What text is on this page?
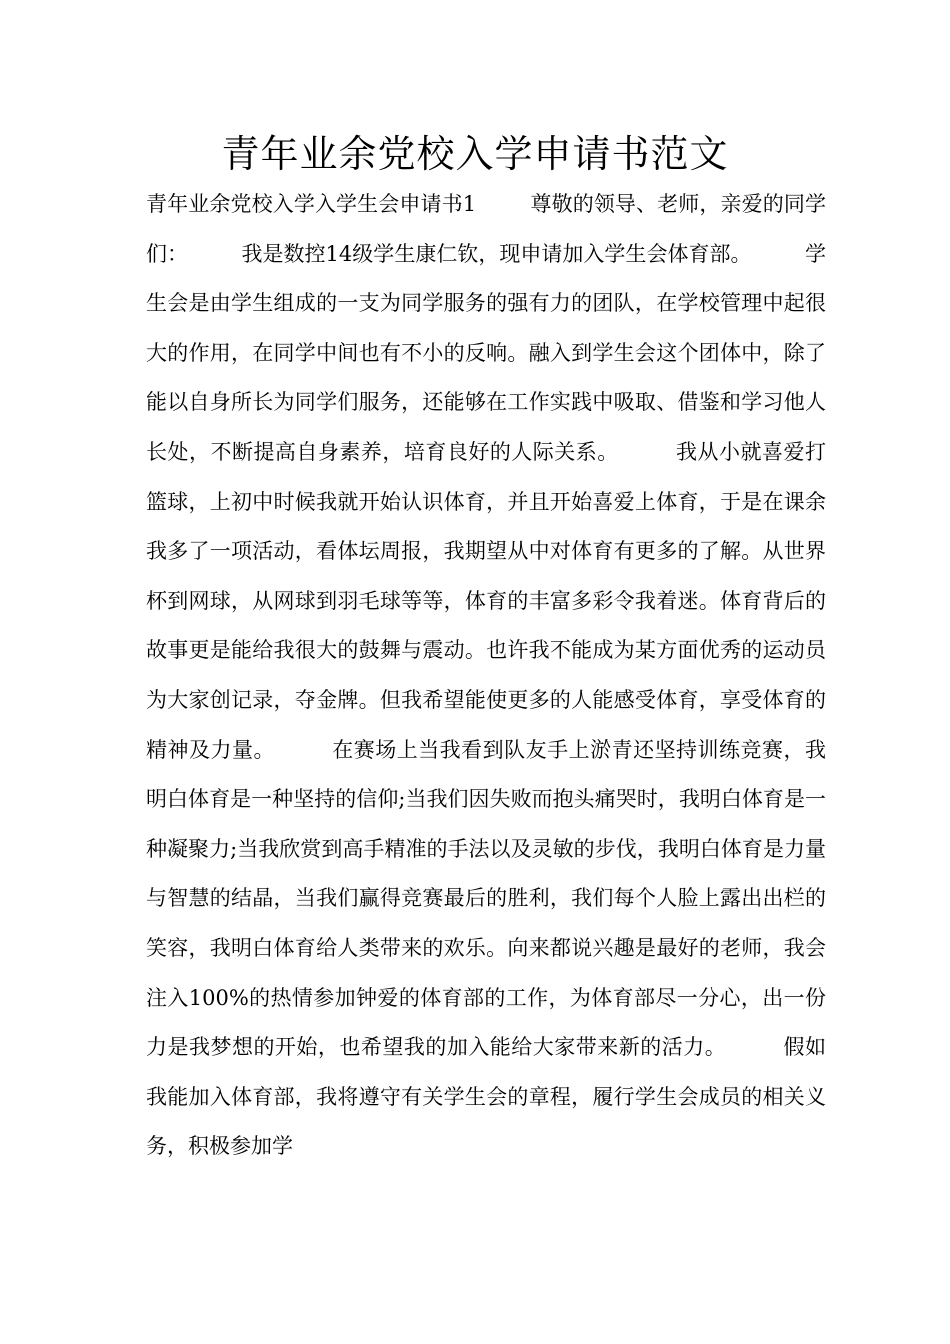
青年业余党校入学申请书范文

青年业余党校入学入学生会申请书1        尊敬的领导、老师，亲爱的同学们：        我是数控14级学生康仁钦，现申请加入学生会体育部。        学生会是由学生组成的一支为同学服务的强有力的团队，在学校管理中起很大的作用，在同学中间也有不小的反响。融入到学生会这个团体中，除了能以自身所长为同学们服务，还能够在工作实践中吸取、借鉴和学习他人长处，不断提高自身素养，培育良好的人际关系。        我从小就喜爱打篮球，上初中时候我就开始认识体育，并且开始喜爱上体育，于是在课余我多了一项活动，看体坛周报，我期望从中对体育有更多的了解。从世界杯到网球，从网球到羽毛球等等，体育的丰富多彩令我着迷。体育背后的故事更是能给我很大的鼓舞与震动。也许我不能成为某方面优秀的运动员为大家创记录，夺金牌。但我希望能使更多的人能感受体育，享受体育的精神及力量。        在赛场上当我看到队友手上淤青还坚持训练竞赛，我明白体育是一种坚持的信仰;当我们因失败而抱头痛哭时，我明白体育是一种凝聚力;当我欣赏到高手精准的手法以及灵敏的步伐，我明白体育是力量与智慧的结晶，当我们赢得竞赛最后的胜利，我们每个人脸上露出出栏的笑容，我明白体育给人类带来的欢乐。向来都说兴趣是最好的老师，我会注入100%的热情参加钟爱的体育部的工作，为体育部尽一分心，出一份力是我梦想的开始，也希望我的加入能给大家带来新的活力。        假如我能加入体育部，我将遵守有关学生会的章程，履行学生会成员的相关义务，积极参加学
